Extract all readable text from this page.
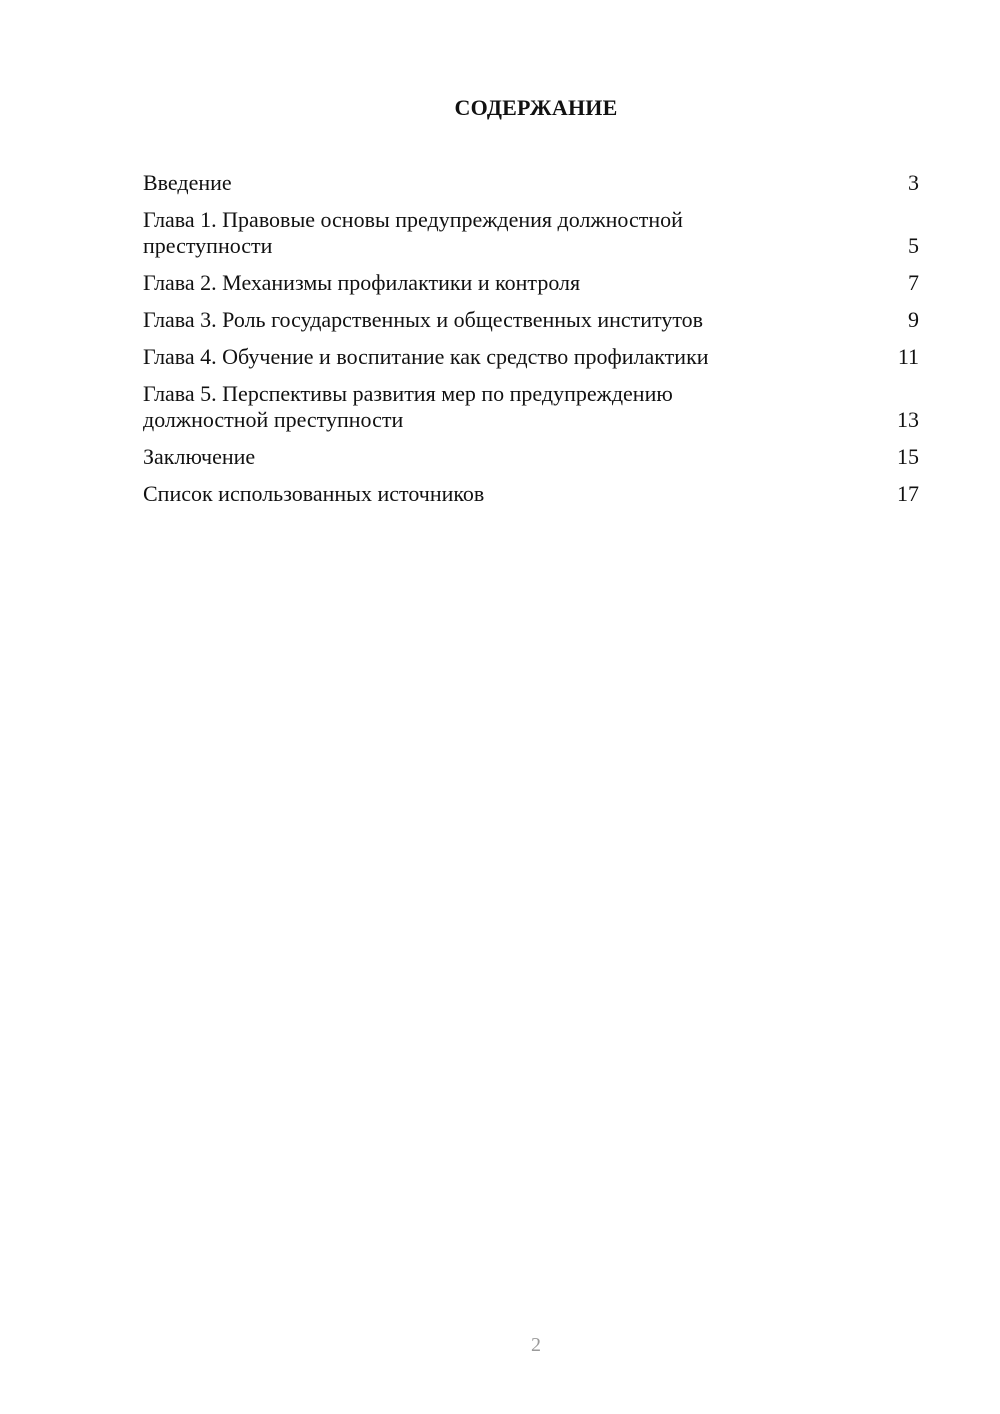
СОДЕРЖАНИЕ
Введение	3
Глава 1. Правовые основы предупреждения должностной преступности	5
Глава 2. Механизмы профилактики и контроля	7
Глава 3. Роль государственных и общественных институтов	9
Глава 4. Обучение и воспитание как средство профилактики	11
Глава 5. Перспективы развития мер по предупреждению должностной преступности	13
Заключение	15
Список использованных источников	17
2
